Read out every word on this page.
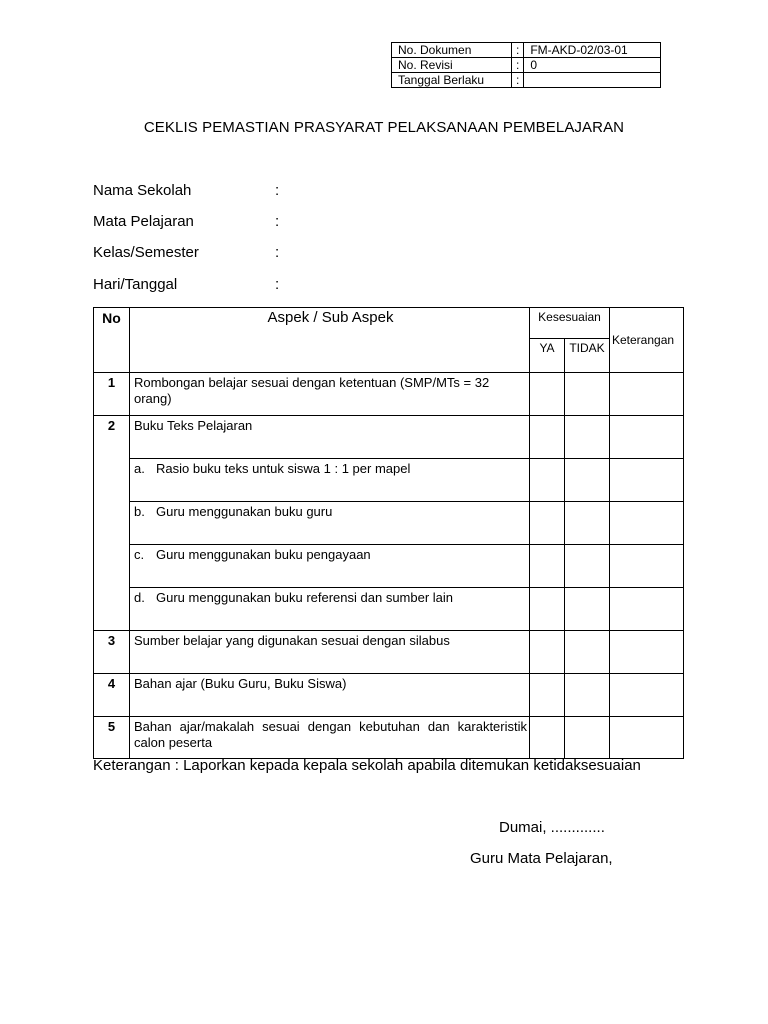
No. Dokumen	:	FM-AKD-02/03-01
No. Revisi	:	0
Tanggal Berlaku	:	
CEKLIS PEMASTIAN PRASYARAT PELAKSANAAN PEMBELAJARAN
Nama Sekolah	:
Mata Pelajaran	:
Kelas/Semester	:
Hari/Tanggal	:
No	Aspek / Sub Aspek	Kesesuaian		Keterangan
		YA	TIDAK	
1	Rombongan belajar sesuai dengan ketentuan (SMP/MTs = 32 orang)			
2	Buku Teks Pelajaran			
	a. Rasio buku teks untuk siswa 1 : 1 per mapel			
	b. Guru menggunakan buku guru			
	c. Guru menggunakan buku pengayaan			
	d. Guru menggunakan buku referensi dan sumber lain			
3	Sumber belajar yang digunakan sesuai dengan silabus			
4	Bahan ajar (Buku Guru, Buku Siswa)			
5	Bahan ajar/makalah sesuai dengan kebutuhan dan karakteristik calon peserta			
Keterangan : Laporkan kepada kepala sekolah apabila ditemukan ketidaksesuaian
Dumai, .............
Guru Mata Pelajaran,
